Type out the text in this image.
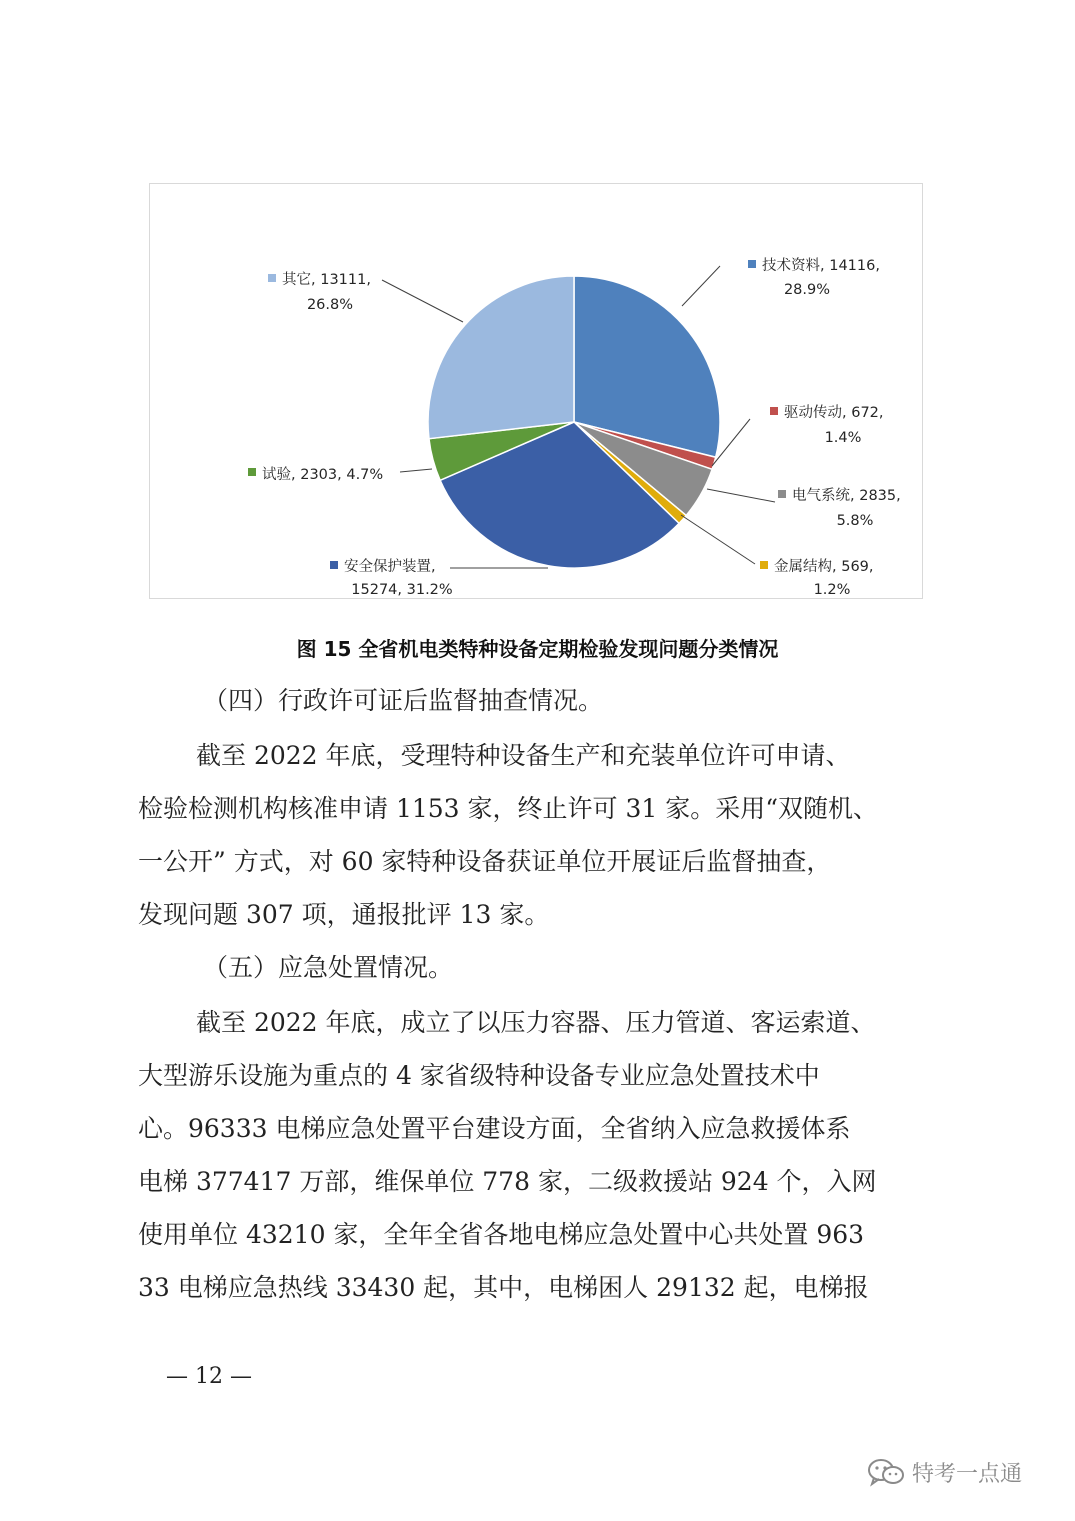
技术资料, 14116,
28.9%
驱动传动, 672,
1.4%
电气系统, 2835,
5.8%
金属结构, 569,
1.2%
安全保护装置,
15274, 31.2%
试验, 2303, 4.7%
其它, 13111,
26.8%
图 15 全省机电类特种设备定期检验发现问题分类情况
（四）行政许可证后监督抽查情况。
截至 2022 年底，受理特种设备生产和充装单位许可申请、
检验检测机构核准申请 1153 家，终止许可 31 家。采用“双随机、
一公开” 方式，对 60 家特种设备获证单位开展证后监督抽查，
发现问题 307 项，通报批评 13 家。
（五）应急处置情况。
截至 2022 年底，成立了以压力容器、压力管道、客运索道、
大型游乐设施为重点的 4 家省级特种设备专业应急处置技术中
心。96333 电梯应急处置平台建设方面，全省纳入应急救援体系
电梯 377417 万部，维保单位 778 家，二级救援站 924 个，入网
使用单位 43210 家，全年全省各地电梯应急处置中心共处置 963
33 电梯应急热线 33430 起，其中，电梯困人 29132 起，电梯报
— 12 —
特考一点通
